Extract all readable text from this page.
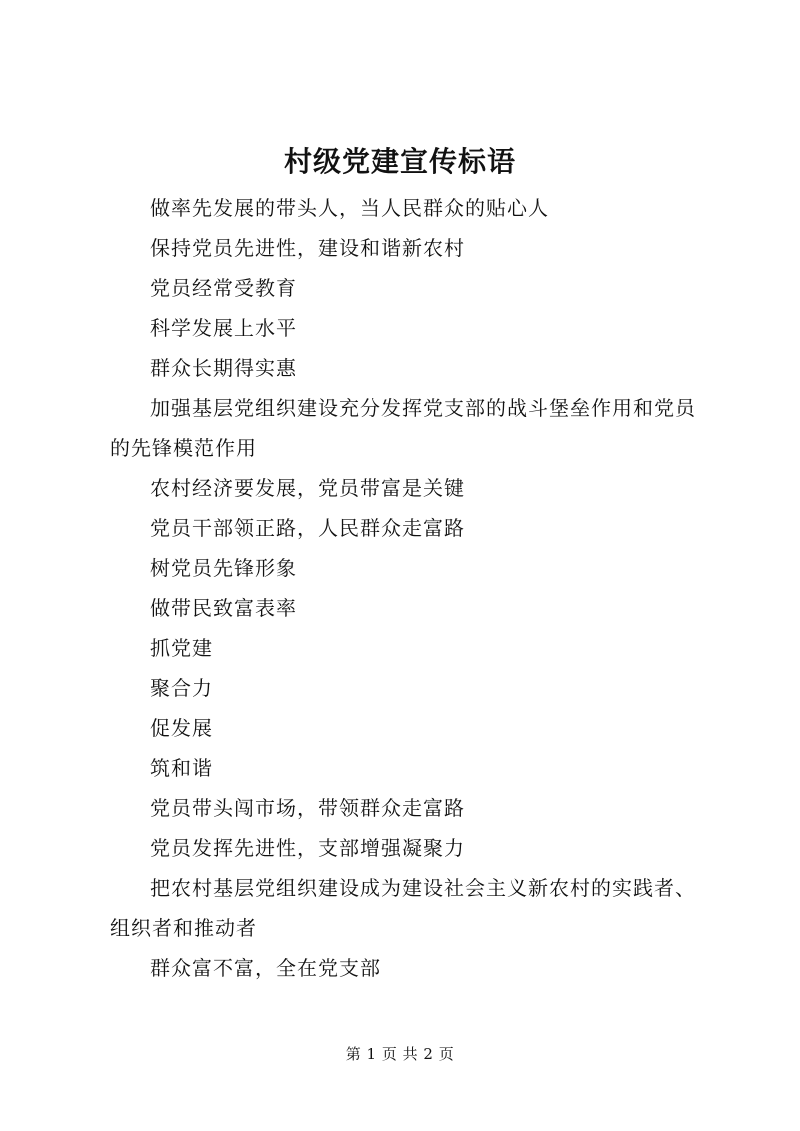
村级党建宣传标语

做率先发展的带头人，当人民群众的贴心人

保持党员先进性，建设和谐新农村

党员经常受教育

科学发展上水平

群众长期得实惠

加强基层党组织建设充分发挥党支部的战斗堡垒作用和党员的先锋模范作用

农村经济要发展，党员带富是关键

党员干部领正路，人民群众走富路

树党员先锋形象

做带民致富表率

抓党建

聚合力

促发展

筑和谐

党员带头闯市场，带领群众走富路

党员发挥先进性，支部增强凝聚力

把农村基层党组织建设成为建设社会主义新农村的实践者、组织者和推动者

群众富不富，全在党支部

第 1 页 共 2 页
